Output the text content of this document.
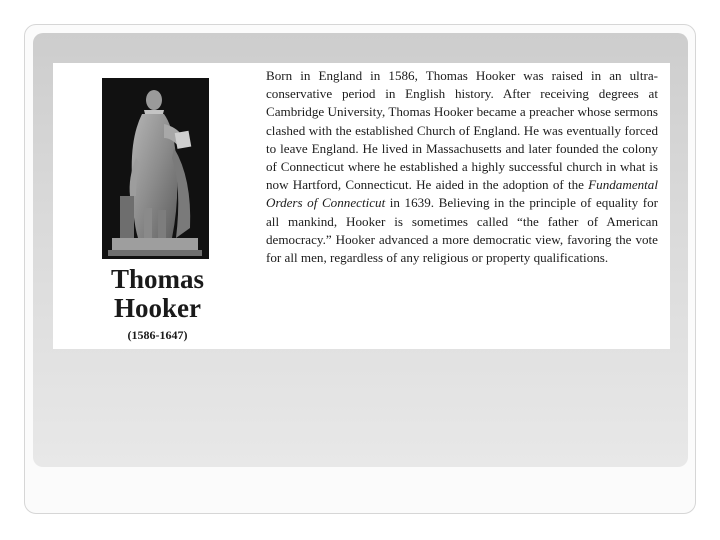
Thomas
Hooker
(1586-1647)

Born in England in 1586, Thomas Hooker was raised in an ultra-conservative period in English history. After receiving degrees at Cambridge University, Thomas Hooker became a preacher whose sermons clashed with the established Church of England. He was eventually forced to leave England. He lived in Massachusetts and later founded the colony of Connecticut where he established a highly successful church in what is now Hartford, Connecticut. He aided in the adoption of the Fundamental Orders of Connecticut in 1639. Believing in the principle of equality for all mankind, Hooker is sometimes called “the father of American democracy.” Hooker advanced a more democratic view, favoring the vote for all men, regardless of any religious or property qualifications.
